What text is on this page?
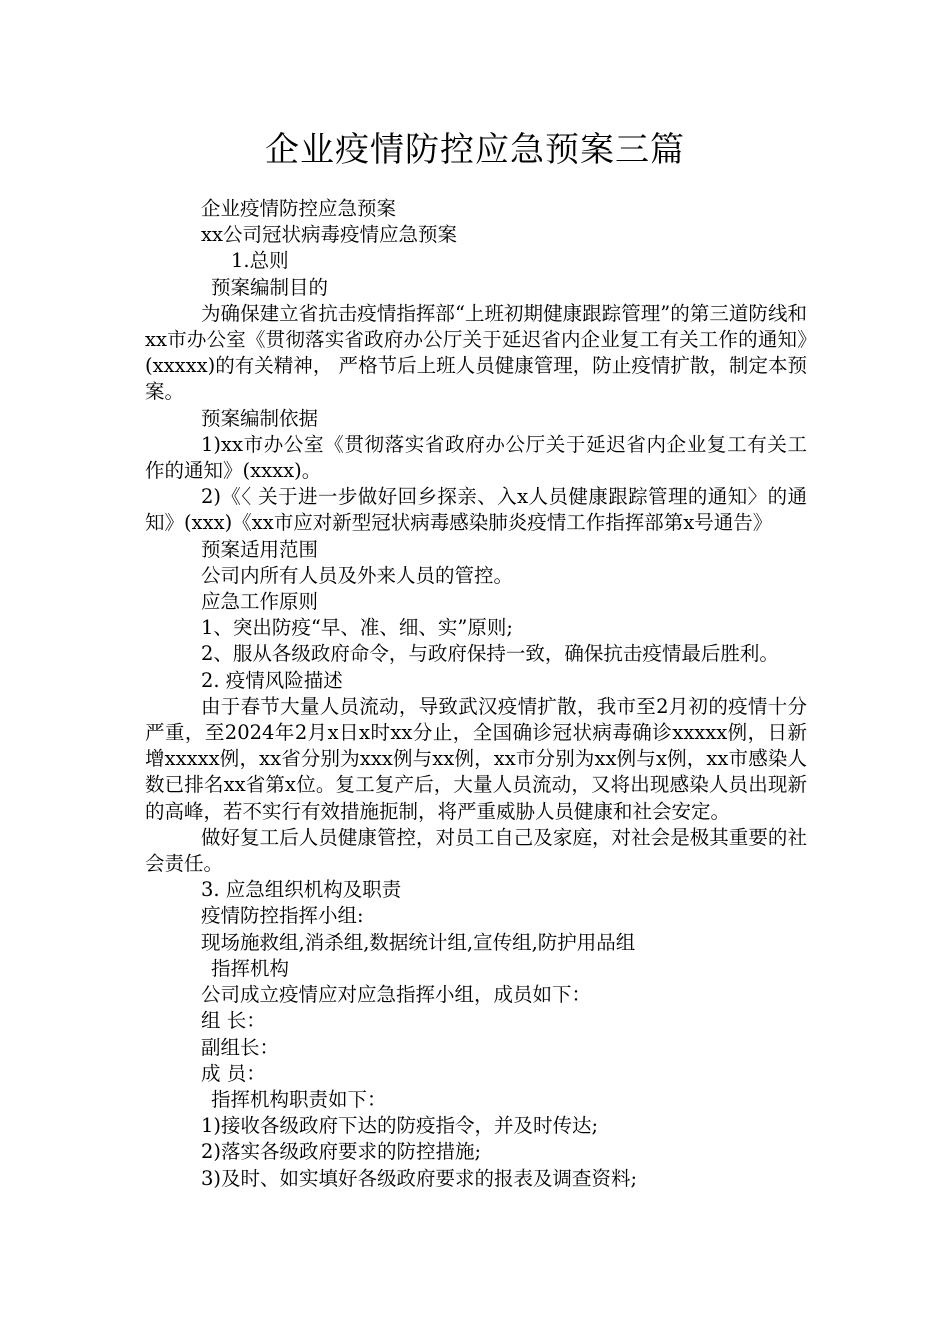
企业疫情防控应急预案三篇

企业疫情防控应急预案

xx公司冠状病毒疫情应急预案

1.总则

预案编制目的

为确保建立省抗击疫情指挥部“上班初期健康跟踪管理”的第三道防线和xx市办公室《贯彻落实省政府办公厅关于延迟省内企业复工有关工作的通知》(xxxxx)的有关精神， 严格节后上班人员健康管理，防止疫情扩散，制定本预案。

预案编制依据

1)xx市办公室《贯彻落实省政府办公厅关于延迟省内企业复工有关工作的通知》(xxxx)。

2)《〈 关于进一步做好回乡探亲、入x人员健康跟踪管理的通知〉的通知》(xxx)《xx市应对新型冠状病毒感染肺炎疫情工作指挥部第x号通告》

预案适用范围

公司内所有人员及外来人员的管控。

应急工作原则

1、突出防疫“早、准、细、实”原则;

2、服从各级政府命令，与政府保持一致，确保抗击疫情最后胜利。

2. 疫情风险描述

由于春节大量人员流动，导致武汉疫情扩散，我市至2月初的疫情十分严重，至2024年2月x日x时xx分止，全国确诊冠状病毒确诊xxxxx例，日新增xxxxx例，xx省分别为xxx例与xx例，xx市分别为xx例与x例，xx市感染人数已排名xx省第x位。复工复产后，大量人员流动，又将出现感染人员出现新的高峰，若不实行有效措施扼制，将严重威胁人员健康和社会安定。

做好复工后人员健康管控，对员工自己及家庭，对社会是极其重要的社会责任。

3. 应急组织机构及职责

疫情防控指挥小组:

现场施救组,消杀组,数据统计组,宣传组,防护用品组

指挥机构

公司成立疫情应对应急指挥小组，成员如下：

组 长：

副组长：

成 员：

指挥机构职责如下：

1)接收各级政府下达的防疫指令，并及时传达;

2)落实各级政府要求的防控措施;

3)及时、如实填好各级政府要求的报表及调查资料;
